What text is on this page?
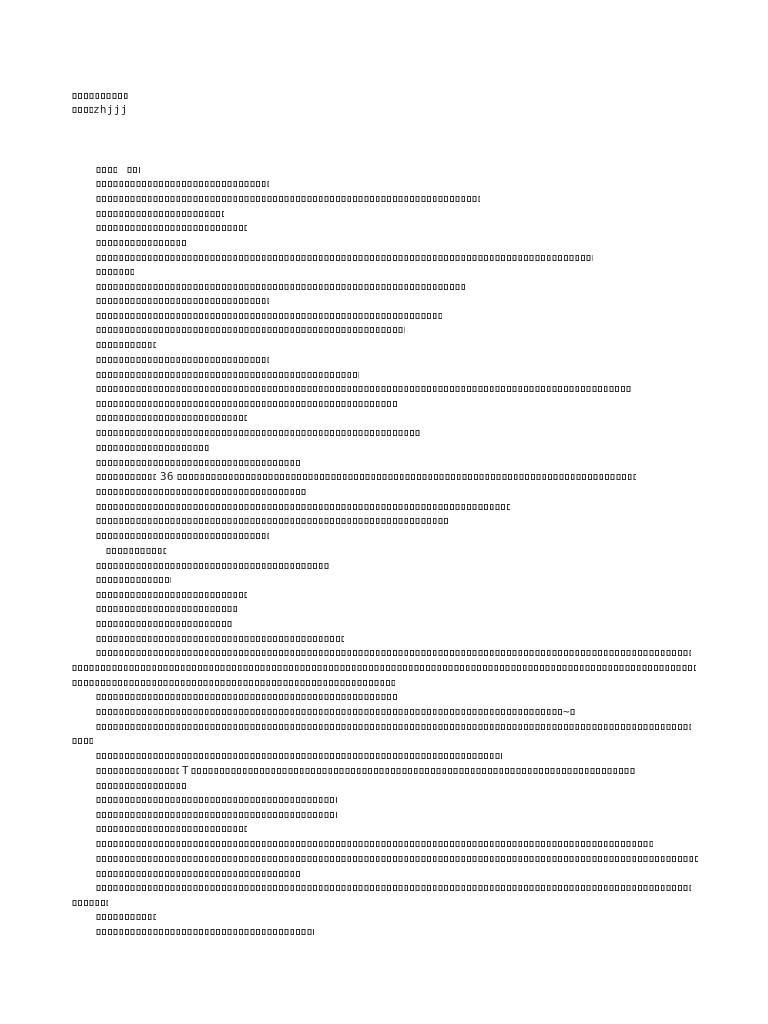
zhjjj
36
~
T
